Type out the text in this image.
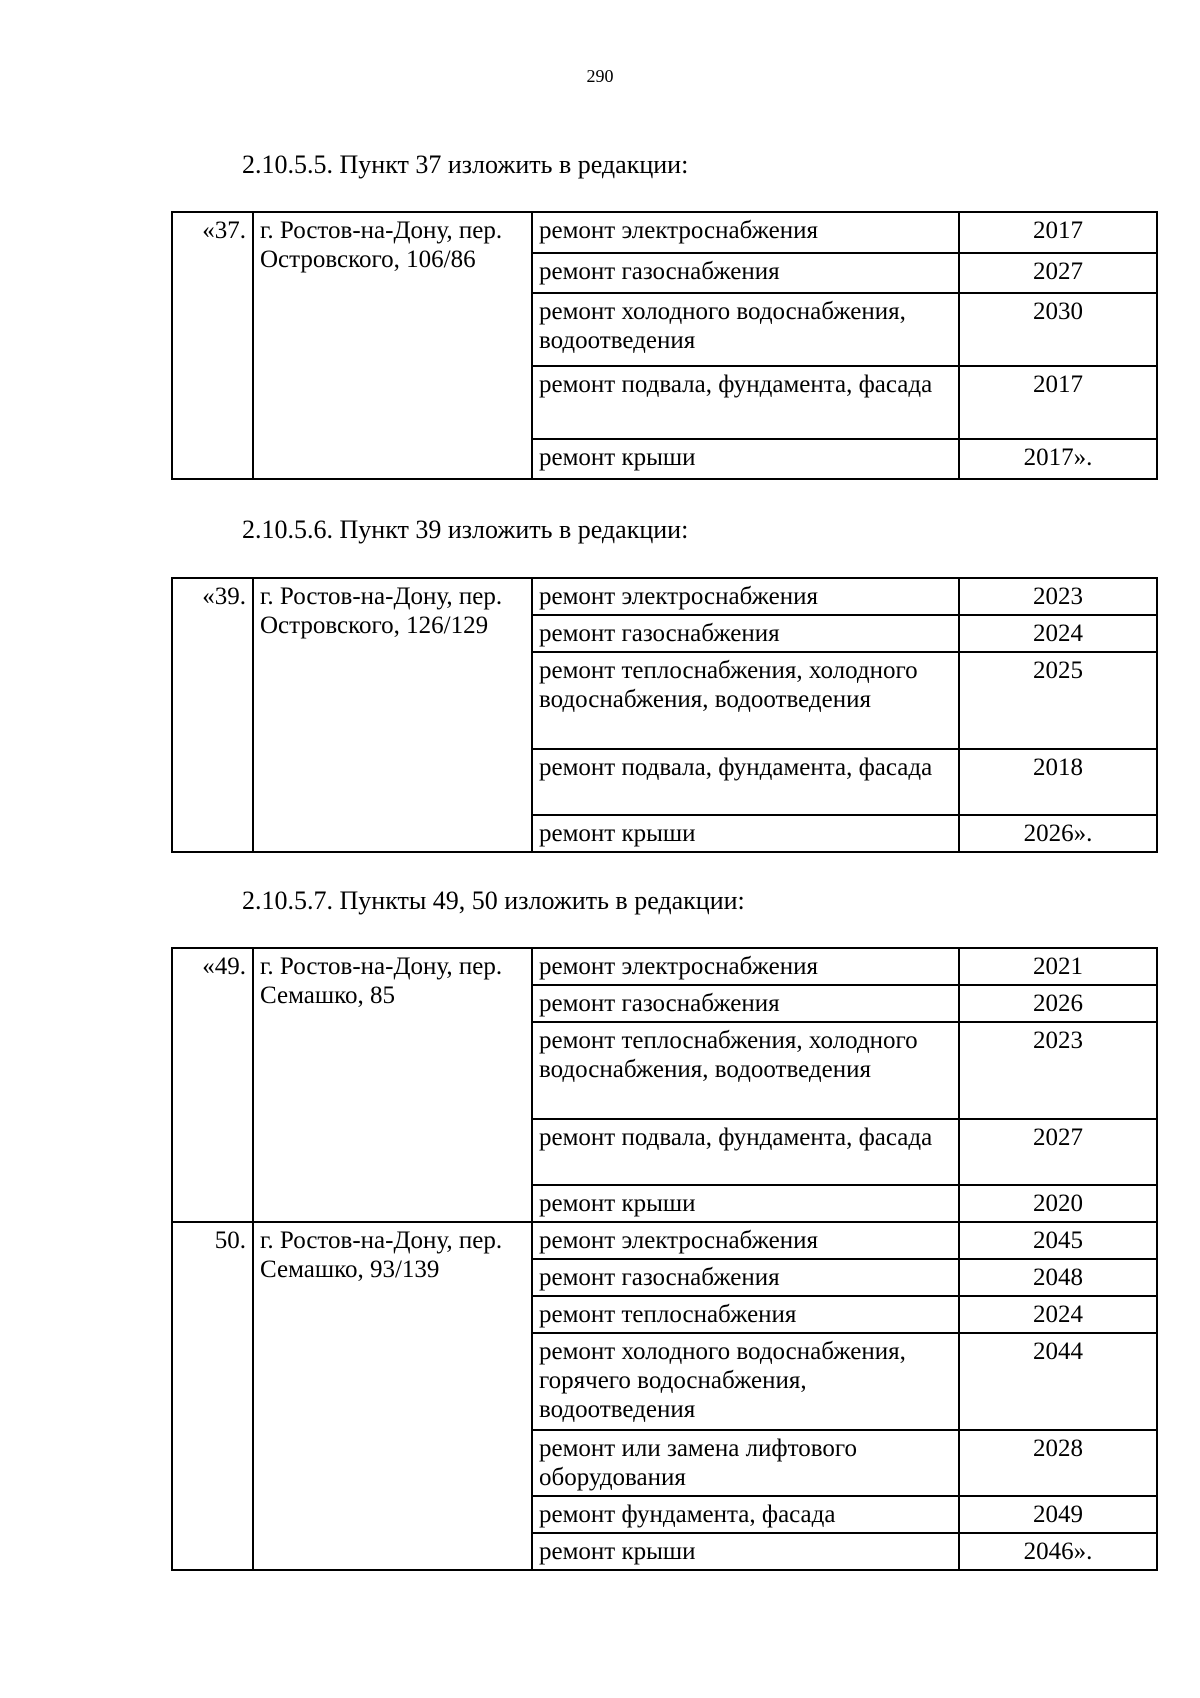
290
2.10.5.5. Пункт 37 изложить в редакции:
«37.	г. Ростов-на-Дону, пер. Островского, 106/86	ремонт электроснабжения	2017
		ремонт газоснабжения	2027
		ремонт холодного водоснабжения, водоотведения	2030
		ремонт подвала, фундамента, фасада	2017
		ремонт крыши	2017».
2.10.5.6. Пункт 39 изложить в редакции:
«39.	г. Ростов-на-Дону, пер. Островского, 126/129	ремонт электроснабжения	2023
		ремонт газоснабжения	2024
		ремонт теплоснабжения, холодного водоснабжения, водоотведения	2025
		ремонт подвала, фундамента, фасада	2018
		ремонт крыши	2026».
2.10.5.7. Пункты 49, 50 изложить в редакции:
«49.	г. Ростов-на-Дону, пер. Семашко, 85	ремонт электроснабжения	2021
		ремонт газоснабжения	2026
		ремонт теплоснабжения, холодного водоснабжения, водоотведения	2023
		ремонт подвала, фундамента, фасада	2027
		ремонт крыши	2020
50.	г. Ростов-на-Дону, пер. Семашко, 93/139	ремонт электроснабжения	2045
		ремонт газоснабжения	2048
		ремонт теплоснабжения	2024
		ремонт холодного водоснабжения, горячего водоснабжения, водоотведения	2044
		ремонт или замена лифтового оборудования	2028
		ремонт фундамента, фасада	2049
		ремонт крыши	2046».
